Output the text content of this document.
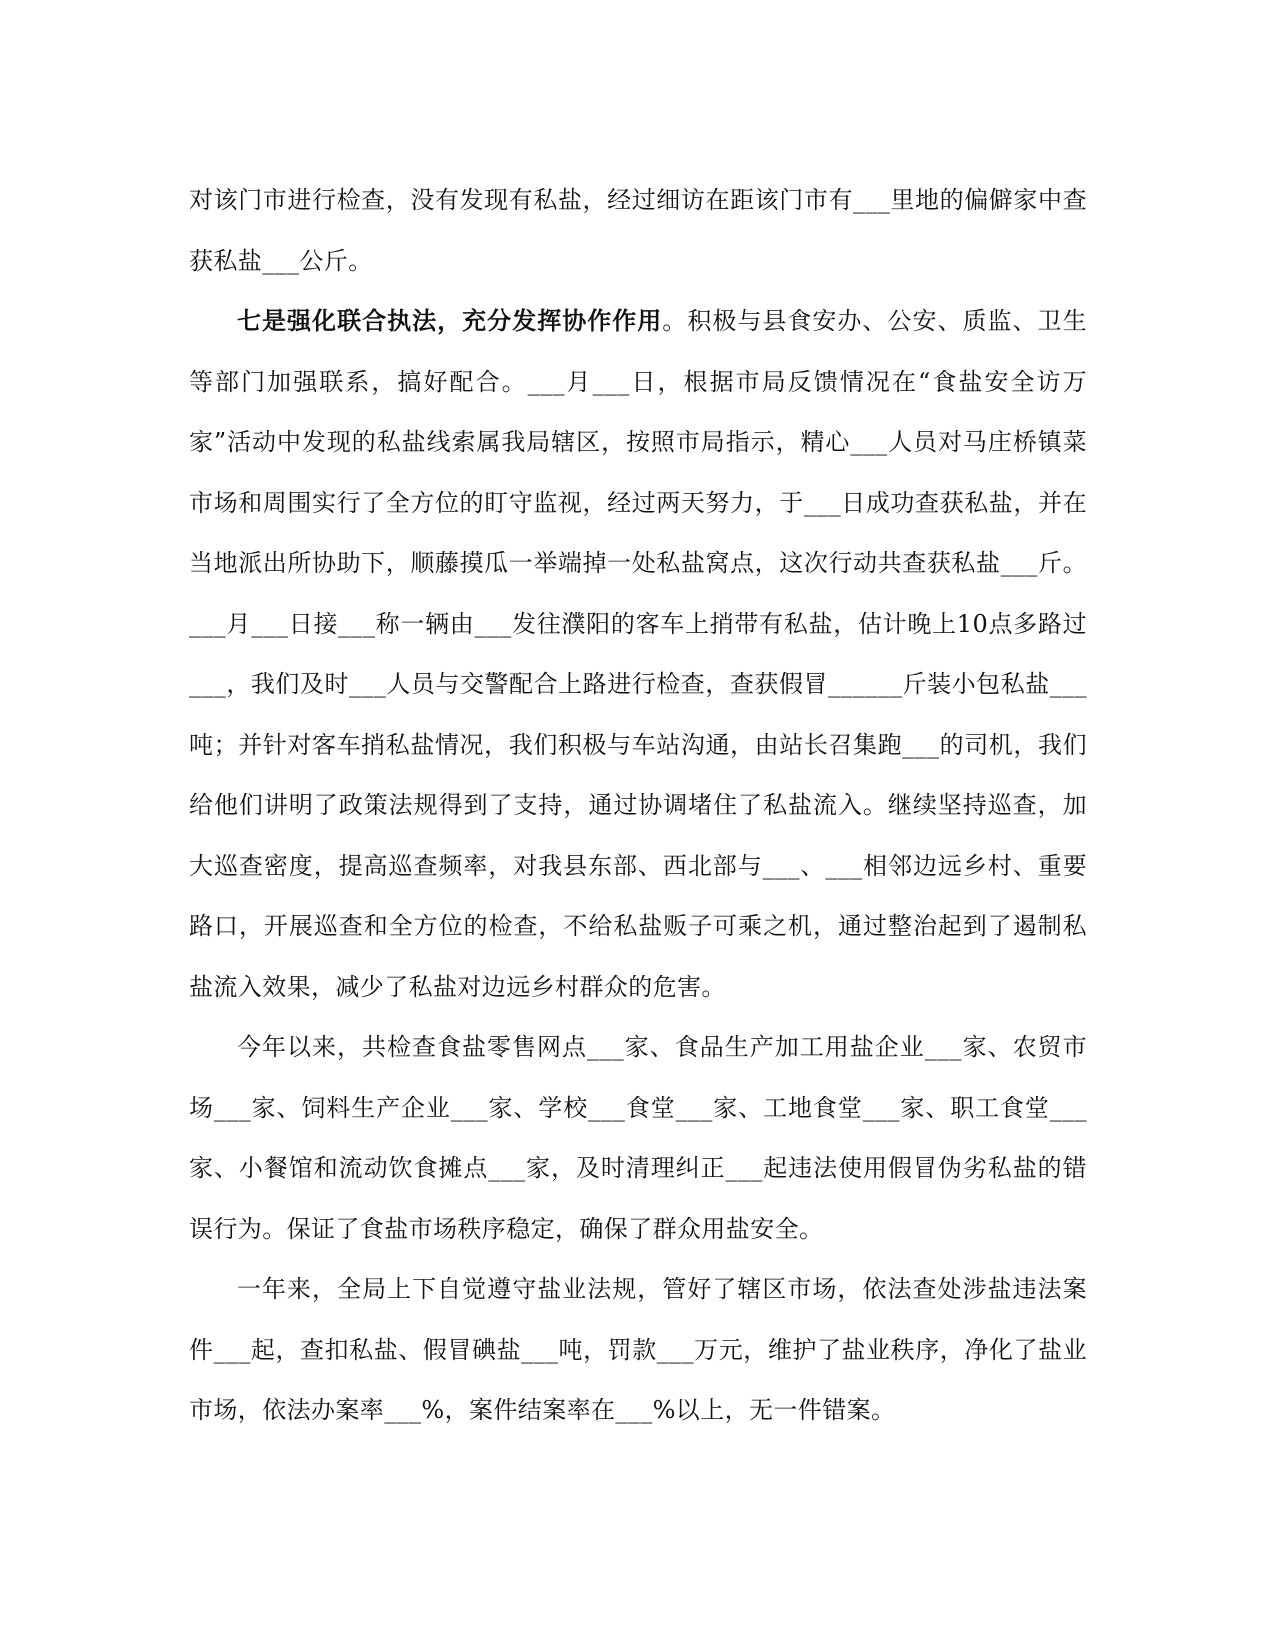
对该门市进行检查，没有发现有私盐，经过细访在距该门市有___里地的偏僻家中查获私盐___公斤。

七是强化联合执法，充分发挥协作作用。积极与县食安办、公安、质监、卫生等部门加强联系，搞好配合。___月___日，根据市局反馈情况在“食盐安全访万家”活动中发现的私盐线索属我局辖区，按照市局指示，精心___人员对马庄桥镇菜市场和周围实行了全方位的盯守监视，经过两天努力，于___日成功查获私盐，并在当地派出所协助下，顺藤摸瓜一举端掉一处私盐窝点，这次行动共查获私盐___斤。___月___日接___称一辆由___发往濮阳的客车上捎带有私盐，估计晚上10点多路过___，我们及时___人员与交警配合上路进行检查，查获假冒______斤装小包私盐___吨；并针对客车捎私盐情况，我们积极与车站沟通，由站长召集跑___的司机，我们给他们讲明了政策法规得到了支持，通过协调堵住了私盐流入。继续坚持巡查，加大巡查密度，提高巡查频率，对我县东部、西北部与___、___相邻边远乡村、重要路口，开展巡查和全方位的检查，不给私盐贩子可乘之机，通过整治起到了遏制私盐流入效果，减少了私盐对边远乡村群众的危害。

今年以来，共检查食盐零售网点___家、食品生产加工用盐企业___家、农贸市场___家、饲料生产企业___家、学校___食堂___家、工地食堂___家、职工食堂___家、小餐馆和流动饮食摊点___家，及时清理纠正___起违法使用假冒伪劣私盐的错误行为。保证了食盐市场秩序稳定，确保了群众用盐安全。

一年来，全局上下自觉遵守盐业法规，管好了辖区市场，依法查处涉盐违法案件___起，查扣私盐、假冒碘盐___吨，罚款___万元，维护了盐业秩序，净化了盐业市场，依法办案率___%，案件结案率在___%以上，无一件错案。
